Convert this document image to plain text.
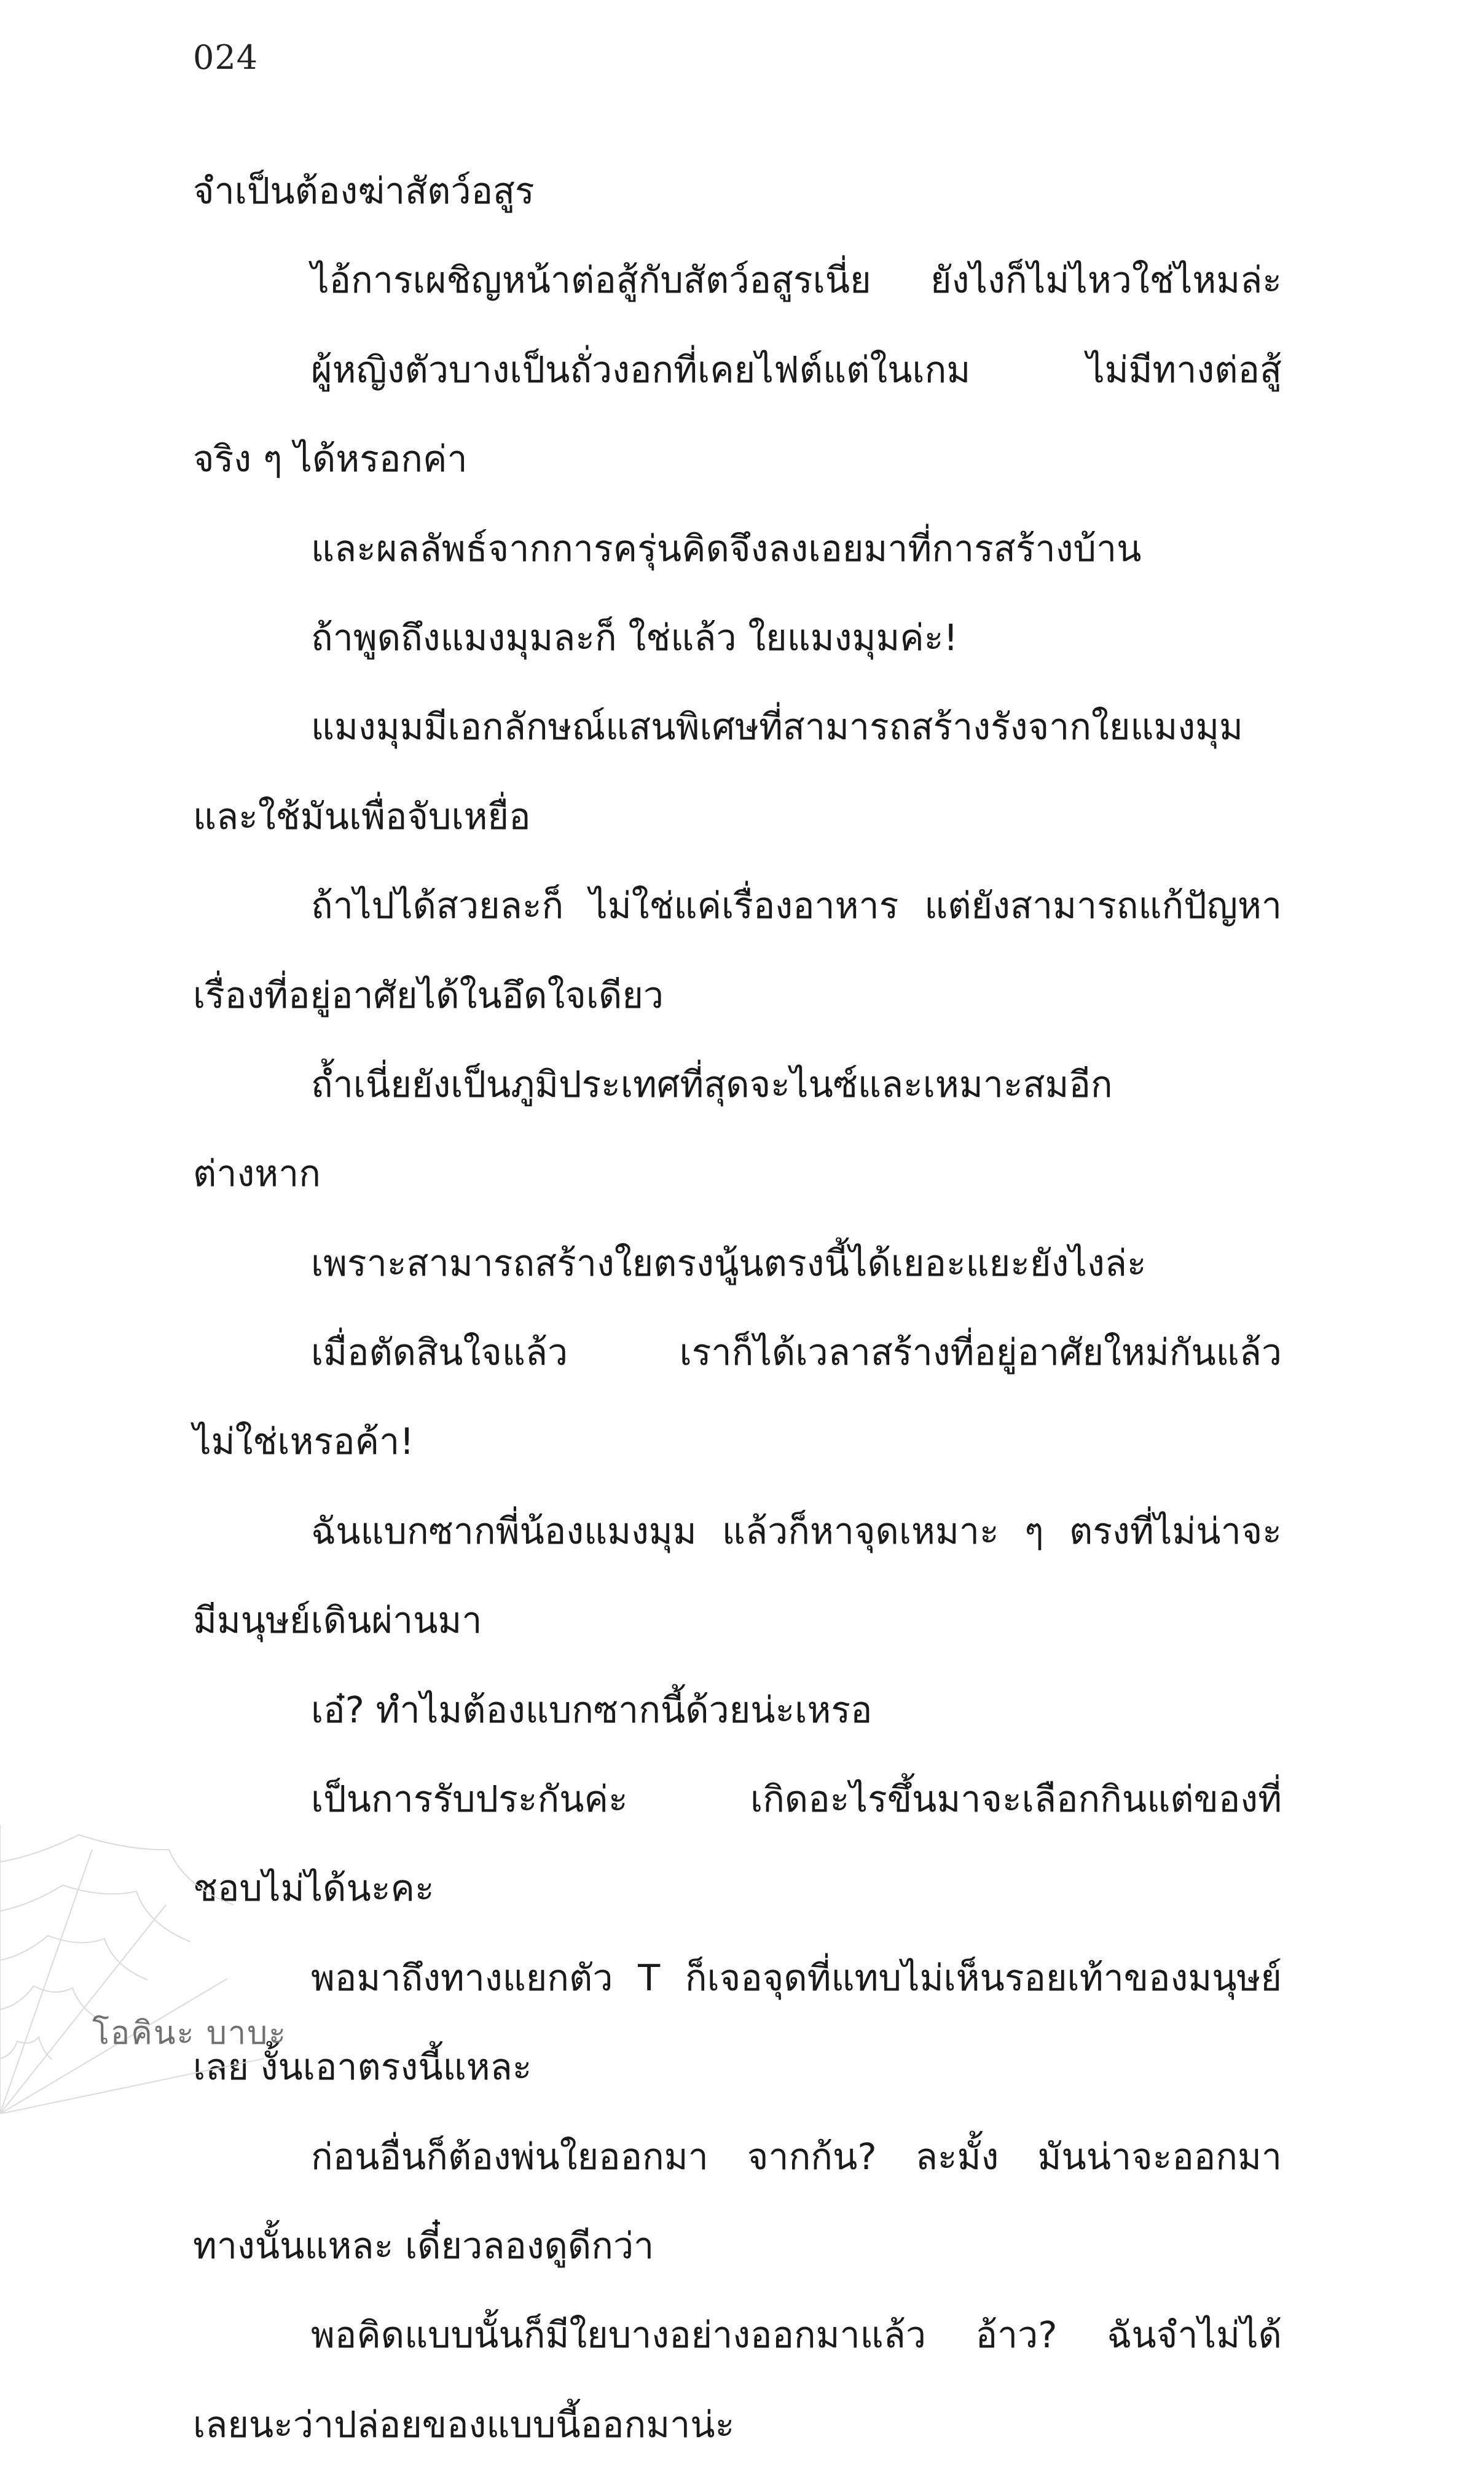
024
จำเป็นต้องฆ่าสัตว์อสูร
ไอ้การเผชิญหน้าต่อสู้กับสัตว์อสูรเนี่ย ยังไงก็ไม่ไหวใช่ไหมล่ะ
ผู้หญิงตัวบางเป็นถั่วงอกที่เคยไฟต์แต่ในเกม ไม่มีทางต่อสู้
จริง ๆ ได้หรอกค่า
และผลลัพธ์จากการครุ่นคิดจึงลงเอยมาที่การสร้างบ้าน
ถ้าพูดถึงแมงมุมละก็ ใช่แล้ว ใยแมงมุมค่ะ!
แมงมุมมีเอกลักษณ์แสนพิเศษที่สามารถสร้างรังจากใยแมงมุม
และใช้มันเพื่อจับเหยื่อ
ถ้าไปได้สวยละก็ ไม่ใช่แค่เรื่องอาหาร แต่ยังสามารถแก้ปัญหา
เรื่องที่อยู่อาศัยได้ในอึดใจเดียว
ถ้ำเนี่ยยังเป็นภูมิประเทศที่สุดจะไนซ์และเหมาะสมอีก
ต่างหาก
เพราะสามารถสร้างใยตรงนู้นตรงนี้ได้เยอะแยะยังไงล่ะ
เมื่อตัดสินใจแล้ว เราก็ได้เวลาสร้างที่อยู่อาศัยใหม่กันแล้ว
ไม่ใช่เหรอค้า!
ฉันแบกซากพี่น้องแมงมุม แล้วก็หาจุดเหมาะ ๆ ตรงที่ไม่น่าจะ
มีมนุษย์เดินผ่านมา
เอ๋? ทำไมต้องแบกซากนี้ด้วยน่ะเหรอ
เป็นการรับประกันค่ะ เกิดอะไรขึ้นมาจะเลือกกินแต่ของที่
ชอบไม่ได้นะคะ
พอมาถึงทางแยกตัว T ก็เจอจุดที่แทบไม่เห็นรอยเท้าของมนุษย์
เลย งั้นเอาตรงนี้แหละ
ก่อนอื่นก็ต้องพ่นใยออกมา จากก้น? ละมั้ง มันน่าจะออกมา
ทางนั้นแหละ เดี๋ยวลองดูดีกว่า
พอคิดแบบนั้นก็มีใยบางอย่างออกมาแล้ว อ้าว? ฉันจำไม่ได้
เลยนะว่าปล่อยของแบบนี้ออกมาน่ะ
โอคินะ บาบะ
